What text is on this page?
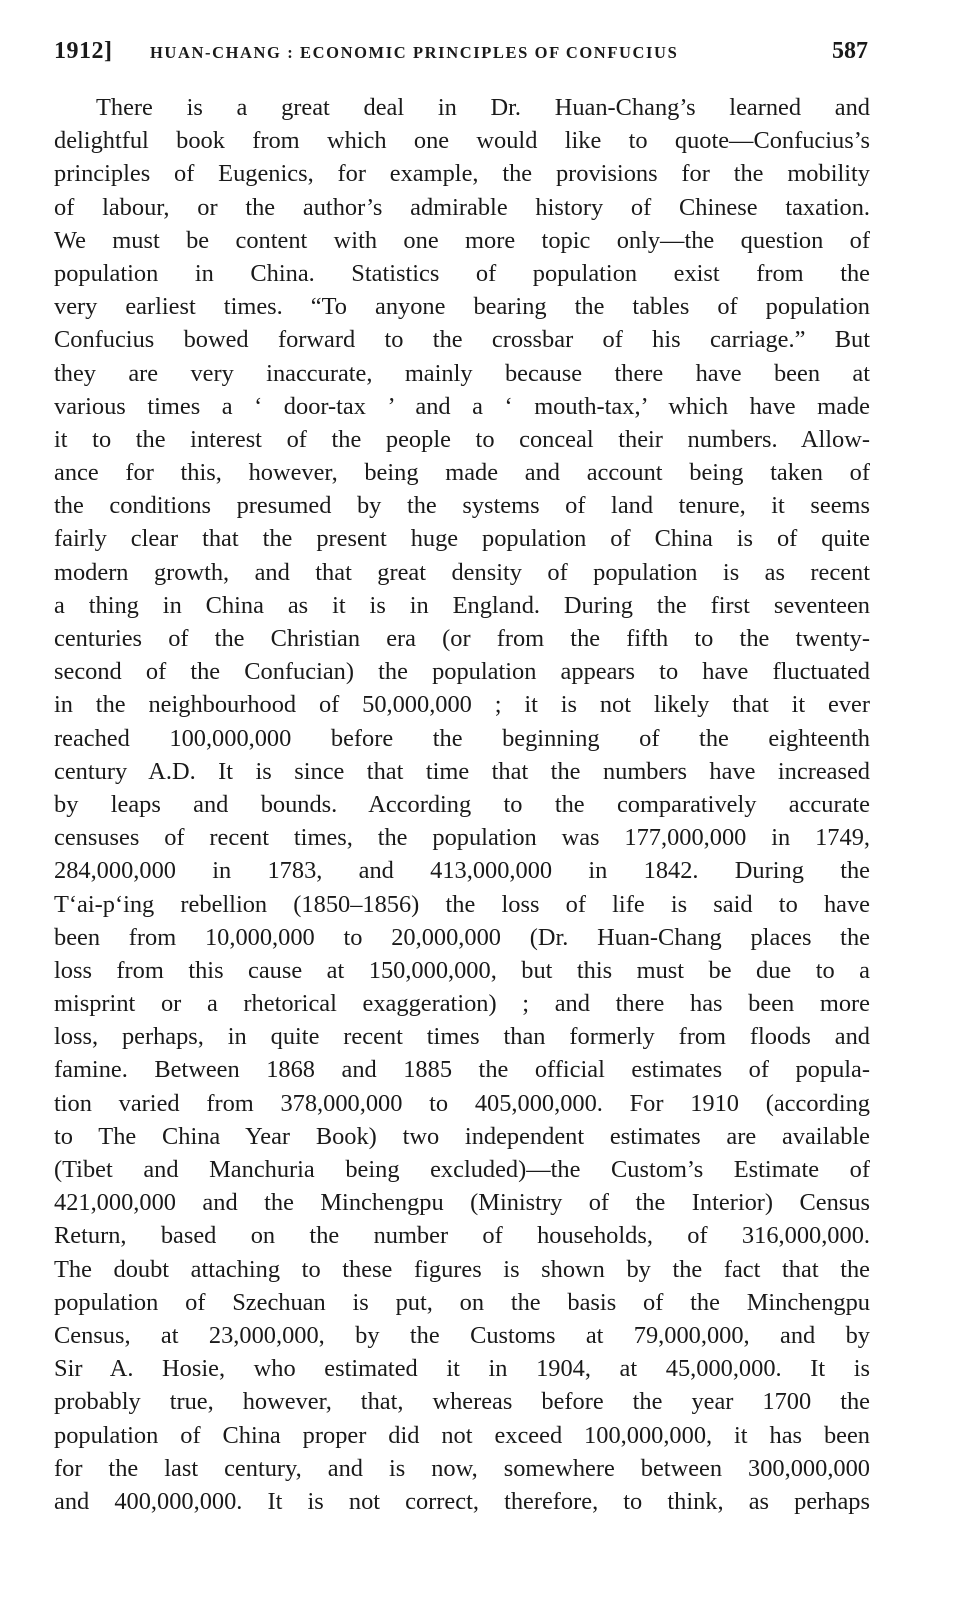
1912] HUAN-CHANG : ECONOMIC PRINCIPLES OF CONFUCIUS	587
There is a great deal in Dr. Huan-Chang’s learned and
delightful book from which one would like to quote—Confucius’s
principles of Eugenics, for example, the provisions for the mobility
of labour, or the author’s admirable history of Chinese taxation.
We must be content with one more topic only—the question of
population in China. Statistics of population exist from the
very earliest times. “To anyone bearing the tables of population
Confucius bowed forward to the crossbar of his carriage.” But
they are very inaccurate, mainly because there have been at
various times a ‘ door-tax ’ and a ‘ mouth-tax,’ which have made
it to the interest of the people to conceal their numbers. Allow-
ance for this, however, being made and account being taken of
the conditions presumed by the systems of land tenure, it seems
fairly clear that the present huge population of China is of quite
modern growth, and that great density of population is as recent
a thing in China as it is in England. During the first seventeen
centuries of the Christian era (or from the fifth to the twenty-
second of the Confucian) the population appears to have fluctuated
in the neighbourhood of 50,000,000 ; it is not likely that it ever
reached 100,000,000 before the beginning of the eighteenth
century A.D. It is since that time that the numbers have increased
by leaps and bounds. According to the comparatively accurate
censuses of recent times, the population was 177,000,000 in 1749,
284,000,000 in 1783, and 413,000,000 in 1842. During the
T‘ai-p‘ing rebellion (1850–1856) the loss of life is said to have
been from 10,000,000 to 20,000,000 (Dr. Huan-Chang places the
loss from this cause at 150,000,000, but this must be due to a
misprint or a rhetorical exaggeration) ; and there has been more
loss, perhaps, in quite recent times than formerly from floods and
famine. Between 1868 and 1885 the official estimates of popula-
tion varied from 378,000,000 to 405,000,000. For 1910 (according
to The China Year Book) two independent estimates are available
(Tibet and Manchuria being excluded)—the Custom’s Estimate of
421,000,000 and the Minchengpu (Ministry of the Interior) Census
Return, based on the number of households, of 316,000,000.
The doubt attaching to these figures is shown by the fact that the
population of Szechuan is put, on the basis of the Minchengpu
Census, at 23,000,000, by the Customs at 79,000,000, and by
Sir A. Hosie, who estimated it in 1904, at 45,000,000. It is
probably true, however, that, whereas before the year 1700 the
population of China proper did not exceed 100,000,000, it has been
for the last century, and is now, somewhere between 300,000,000
and 400,000,000. It is not correct, therefore, to think, as perhaps
